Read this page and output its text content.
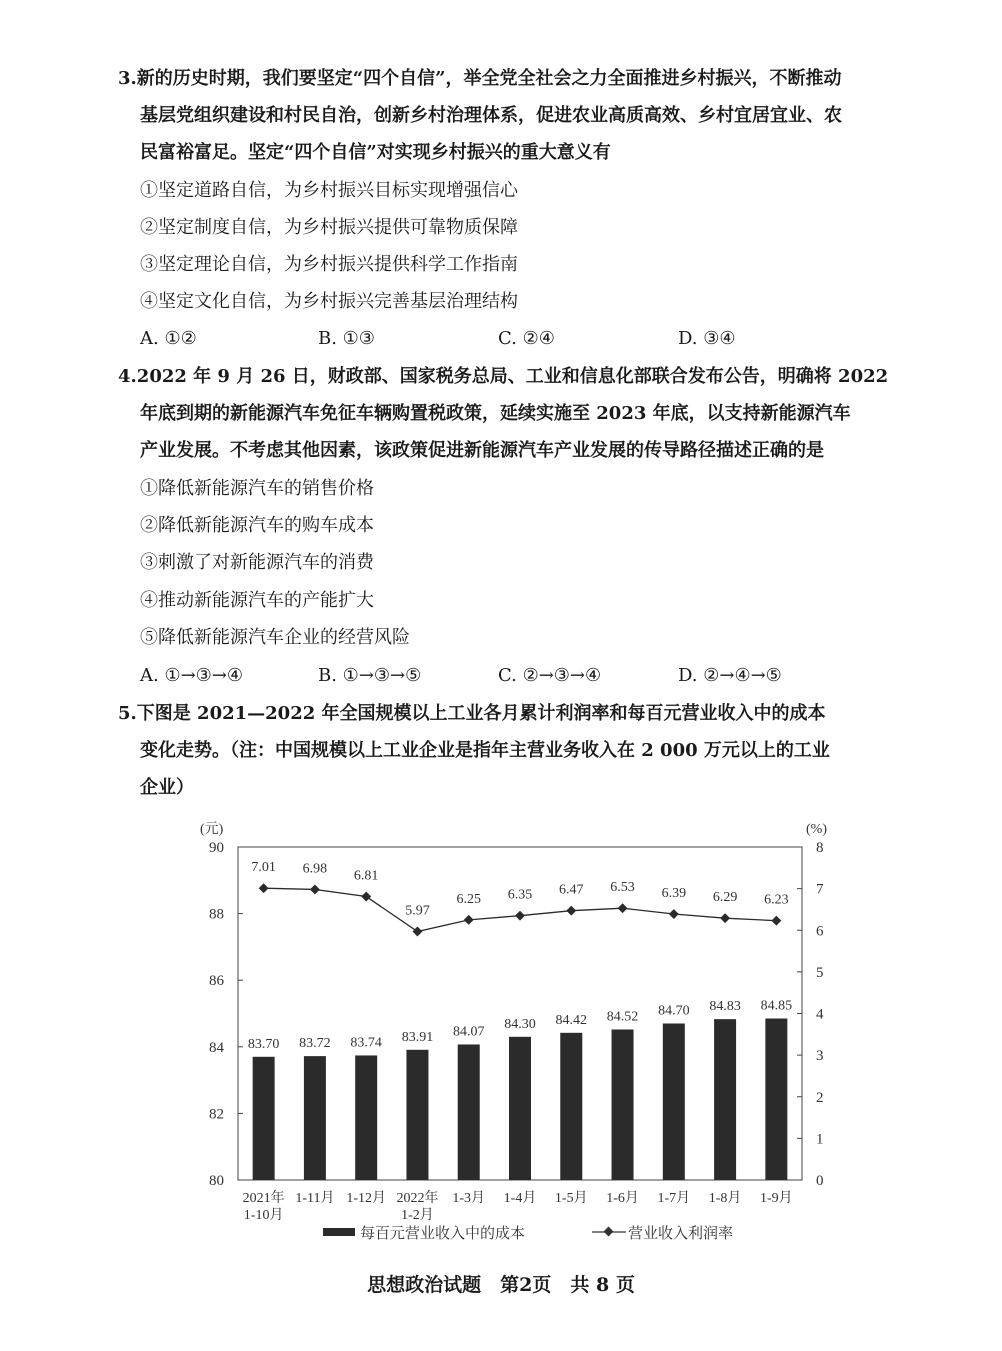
3.新的历史时期，我们要坚定“四个自信”，举全党全社会之力全面推进乡村振兴，不断推动
基层党组织建设和村民自治，创新乡村治理体系，促进农业高质高效、乡村宜居宜业、农
民富裕富足。坚定“四个自信”对实现乡村振兴的重大意义有
①坚定道路自信，为乡村振兴目标实现增强信心
②坚定制度自信，为乡村振兴提供可靠物质保障
③坚定理论自信，为乡村振兴提供科学工作指南
④坚定文化自信，为乡村振兴完善基层治理结构
A. ①②	B. ①③	C. ②④	D. ③④
4.2022 年 9 月 26 日，财政部、国家税务总局、工业和信息化部联合发布公告，明确将 2022
年底到期的新能源汽车免征车辆购置税政策，延续实施至 2023 年底，以支持新能源汽车
产业发展。不考虑其他因素，该政策促进新能源汽车产业发展的传导路径描述正确的是
①降低新能源汽车的销售价格
②降低新能源汽车的购车成本
③刺激了对新能源汽车的消费
④推动新能源汽车的产能扩大
⑤降低新能源汽车企业的经营风险
A. ①→③→④	B. ①→③→⑤	C. ②→③→④	D. ②→④→⑤
5.下图是 2021—2022 年全国规模以上工业各月累计利润率和每百元营业收入中的成本
变化走势。（注：中国规模以上工业企业是指年主营业务收入在 2 000 万元以上的工业
企业）
(元)	(%)
80
82
84
86
88
90
0
1
2
3
4
5
6
7
8
83.70 83.72 83.74 83.91 84.07
84.30 84.42 84.52 84.70 84.83 84.85
7.01 6.98 6.81
5.97
6.25 6.35 6.47 6.53 6.39 6.29 6.23
2021年 1-10月
1-11月 1-12月 2022年 1-2月
1-3月 1-4月 1-5月 1-6月 1-7月 1-8月 1-9月
每百元营业收入中的成本	营业收入利润率
思想政治试题　第2页　共 8 页
